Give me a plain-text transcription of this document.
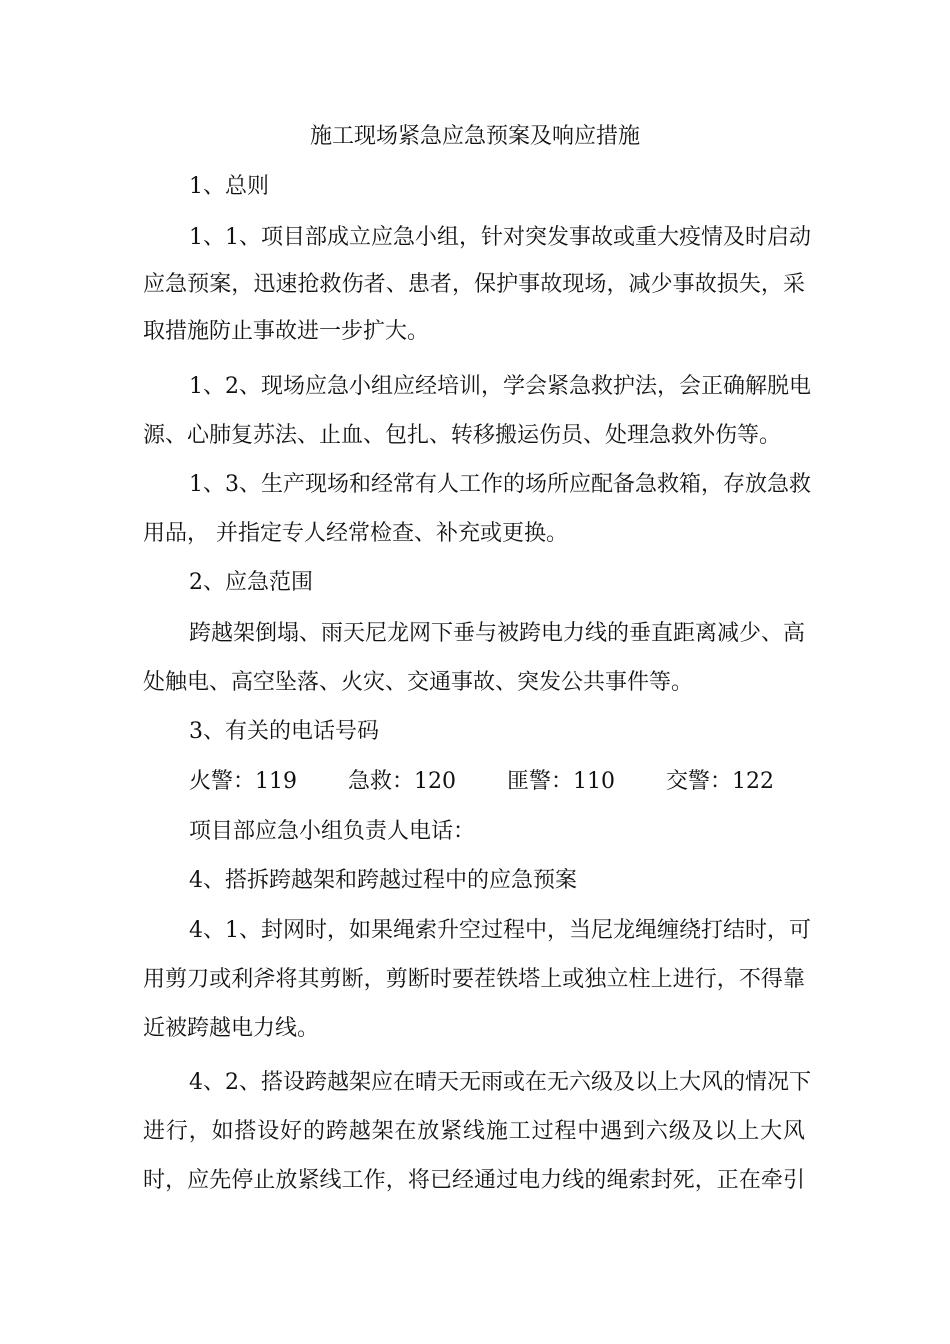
施工现场紧急应急预案及响应措施
1、总则
1、1、项目部成立应急小组，针对突发事故或重大疫情及时启动
应急预案，迅速抢救伤者、患者，保护事故现场，减少事故损失，采
取措施防止事故进一步扩大。
1、2、现场应急小组应经培训，学会紧急救护法，会正确解脱电
源、心肺复苏法、止血、包扎、转移搬运伤员、处理急救外伤等。
1、3、生产现场和经常有人工作的场所应配备急救箱，存放急救
用品， 并指定专人经常检查、补充或更换。
2、应急范围
跨越架倒塌、雨天尼龙网下垂与被跨电力线的垂直距离减少、高
处触电、高空坠落、火灾、交通事故、突发公共事件等。
3、有关的电话号码
火警：119 急救：120 匪警：110 交警：122
项目部应急小组负责人电话：
4、搭拆跨越架和跨越过程中的应急预案
4、1、封网时，如果绳索升空过程中，当尼龙绳缠绕打结时，可
用剪刀或利斧将其剪断，剪断时要茬铁塔上或独立柱上进行，不得靠
近被跨越电力线。
4、2、搭设跨越架应在晴天无雨或在无六级及以上大风的情况下
进行，如搭设好的跨越架在放紧线施工过程中遇到六级及以上大风
时，应先停止放紧线工作，将已经通过电力线的绳索封死，正在牵引
